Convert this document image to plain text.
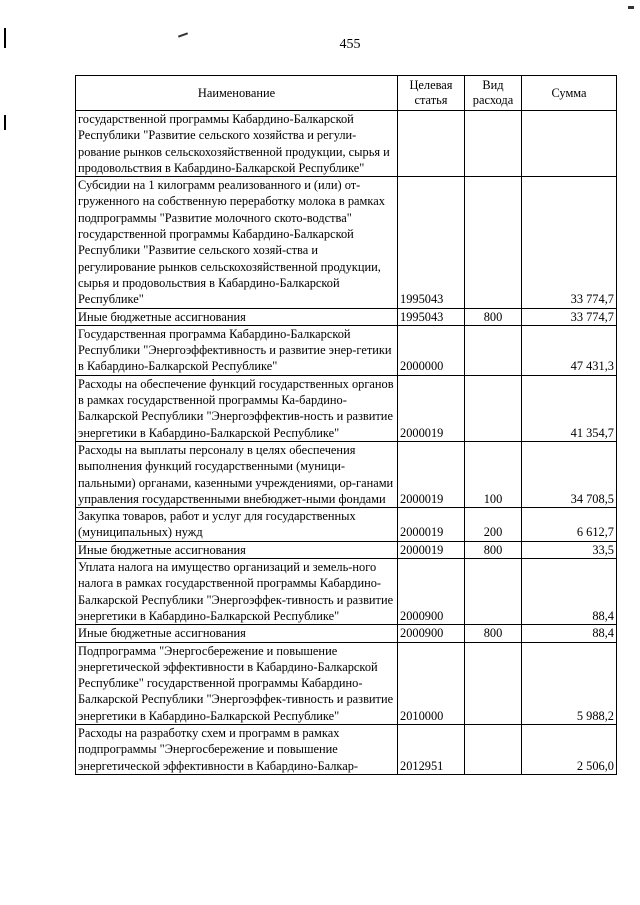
455
Наименование	Целевая статья	Вид расхода	Сумма
государственной программы Кабардино-Балкарской Республики "Развитие сельского хозяйства и регули-рование рынков сельскохозяйственной продукции, сырья и продовольствия в Кабардино-Балкарской Республике"			
Субсидии на 1 килограмм реализованного и (или) от-груженного на собственную переработку молока в рамках подпрограммы "Развитие молочного ското-водства" государственной программы Кабардино-Балкарской Республики "Развитие сельского хозяй-ства и регулирование рынков сельскохозяйственной продукции, сырья и продовольствия в Кабардино-Балкарской Республике"	1995043		33 774,7
Иные бюджетные ассигнования	1995043	800	33 774,7
Государственная программа Кабардино-Балкарской Республики "Энергоэффективность и развитие энер-гетики в Кабардино-Балкарской Республике"	2000000		47 431,3
Расходы на обеспечение функций государственных органов в рамках государственной программы Ка-бардино-Балкарской Республики "Энергоэффектив-ность и развитие энергетики в Кабардино-Балкарской Республике"	2000019		41 354,7
Расходы на выплаты персоналу в целях обеспечения выполнения функций государственными (муници-пальными) органами, казенными учреждениями, ор-ганами управления государственными внебюджет-ными фондами	2000019	100	34 708,5
Закупка товаров, работ и услуг для государственных (муниципальных) нужд	2000019	200	6 612,7
Иные бюджетные ассигнования	2000019	800	33,5
Уплата налога на имущество организаций и земель-ного налога в рамках государственной программы Кабардино-Балкарской Республики "Энергоэффек-тивность и развитие энергетики в Кабардино-Балкарской Республике"	2000900		88,4
Иные бюджетные ассигнования	2000900	800	88,4
Подпрограмма "Энергосбережение и повышение энергетической эффективности в Кабардино-Балкарской Республике" государственной программы Кабардино-Балкарской Республики "Энергоэффек-тивность и развитие энергетики в Кабардино-Балкарской Республике"	2010000		5 988,2
Расходы на разработку схем и программ в рамках подпрограммы "Энергосбережение и повышение энергетической эффективности в Кабардино-Балкар-	2012951		2 506,0
